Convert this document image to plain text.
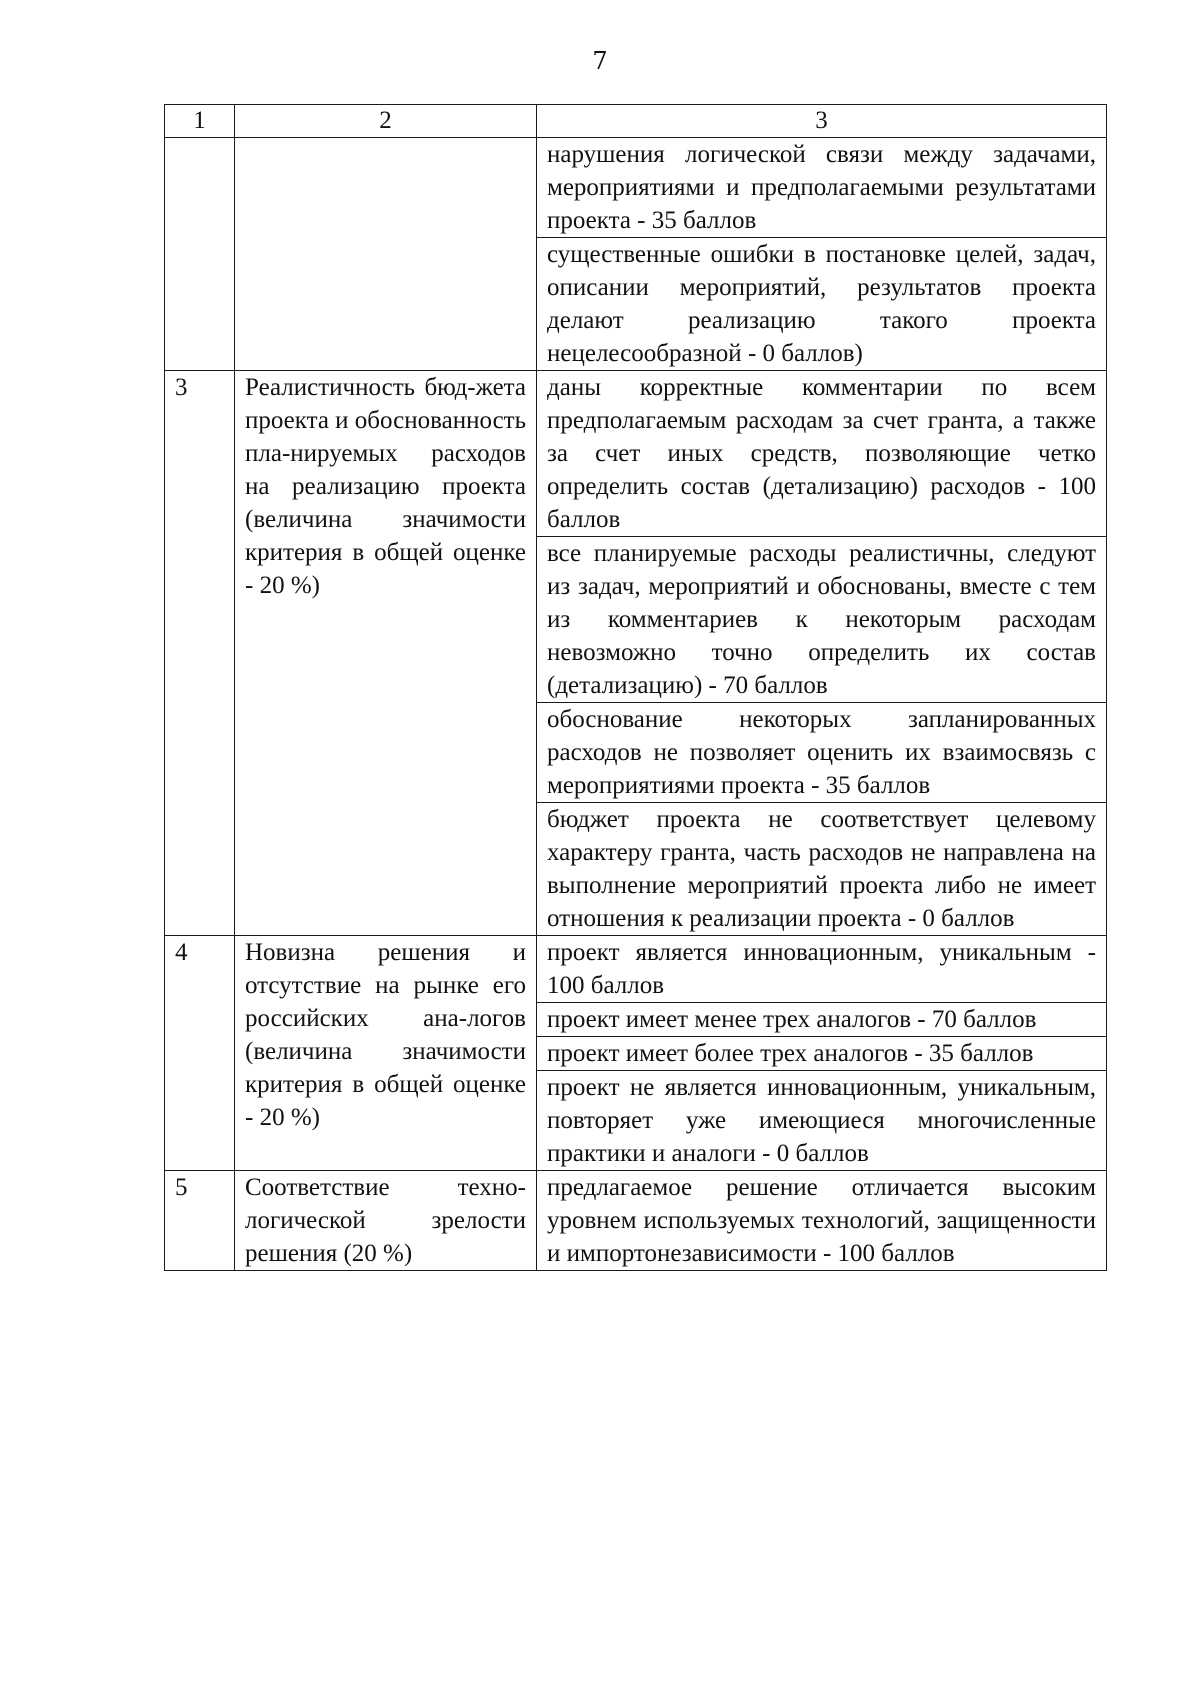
7
1	2	3
		нарушения логической связи между задачами, мероприятиями и предполагаемыми результатами проекта - 35 баллов
		существенные ошибки в постановке целей, задач, описании мероприятий, результатов проекта делают реализацию такого проекта нецелесообразной - 0 баллов)
3	Реалистичность бюд-жета проекта и обоснованность пла-нируемых расходов на реализацию проекта (величина значимости критерия в общей оценке - 20 %)	даны корректные комментарии по всем предполагаемым расходам за счет гранта, а также за счет иных средств, позволяющие четко определить состав (детализацию) расходов - 100 баллов
		все планируемые расходы реалистичны, следуют из задач, мероприятий и обоснованы, вместе с тем из комментариев к некоторым расходам невозможно точно определить их состав (детализацию) - 70 баллов
		обоснование некоторых запланированных расходов не позволяет оценить их взаимосвязь с мероприятиями проекта - 35 баллов
		бюджет проекта не соответствует целевому характеру гранта, часть расходов не направлена на выполнение мероприятий проекта либо не имеет отношения к реализации проекта - 0 баллов
4	Новизна решения и отсутствие на рынке его российских ана-логов (величина значимости критерия в общей оценке - 20 %)	проект является инновационным, уникальным - 100 баллов
		проект имеет менее трех аналогов - 70 баллов
		проект имеет более трех аналогов - 35 баллов
		проект не является инновационным, уникальным, повторяет уже имеющиеся многочисленные практики и аналоги - 0 баллов
5	Соответствие техно-логической зрелости решения (20 %)	предлагаемое решение отличается высоким уровнем используемых технологий, защищенности и импортонезависимости - 100 баллов
